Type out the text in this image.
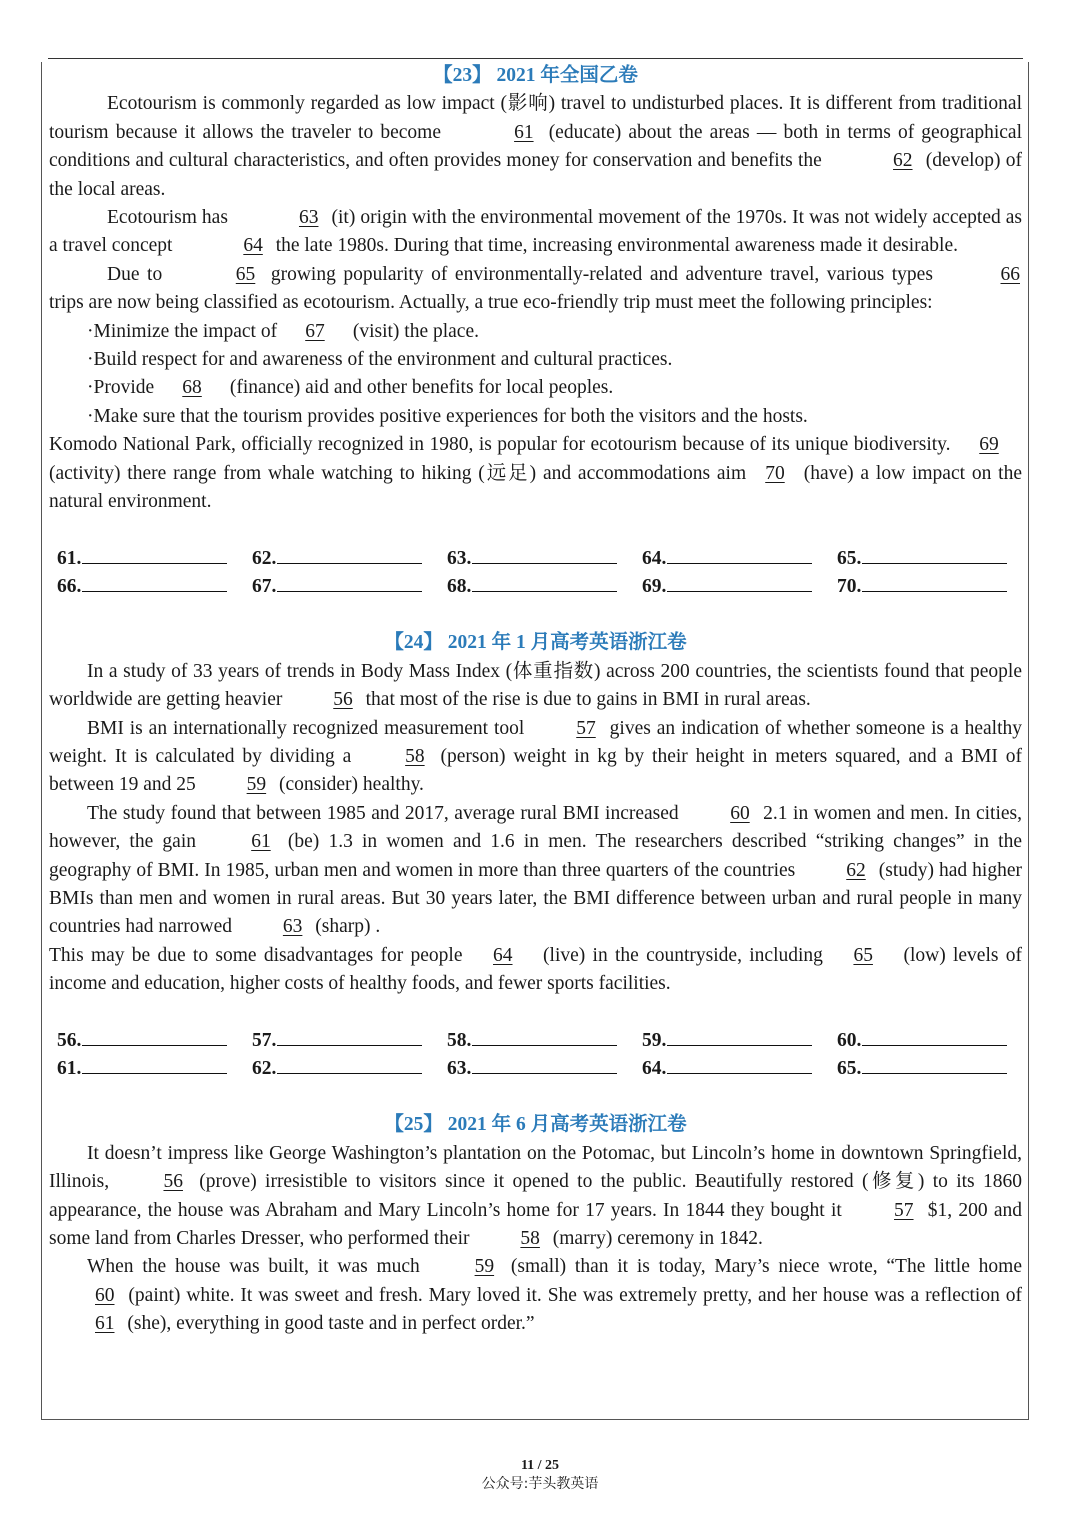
【23】 2021 年全国乙卷

Ecotourism is commonly regarded as low impact (影响) travel to undisturbed places. It is different from traditional tourism because it allows the traveler to become	61 (educate) about the areas — both in terms of geographical conditions and cultural characteristics, and often provides money for conservation and benefits the	62 (develop) of the local areas.

Ecotourism has	63 (it) origin with the environmental movement of the 1970s. It was not widely accepted as a travel concept	64 the late 1980s. During that time, increasing environmental awareness made it desirable.

Due to	65 growing popularity of environmentally-related and adventure travel, various types	66 trips are now being classified as ecotourism. Actually, a true eco-friendly trip must meet the following principles:

·Minimize the impact of 67 (visit) the place.

·Build respect for and awareness of the environment and cultural practices.

·Provide 68 (finance) aid and other benefits for local peoples.

·Make sure that the tourism provides positive experiences for both the visitors and the hosts.

Komodo National Park, officially recognized in 1980, is popular for ecotourism because of its unique biodiversity. 69 (activity) there range from whale watching to hiking (远足) and accommodations aim 70 (have) a low impact on the natural environment.

61.	62.	63.	64.	65.
66.	67.	68.	69.	70.
【24】 2021 年 1 月高考英语浙江卷

In a study of 33 years of trends in Body Mass Index (体重指数) across 200 countries, the scientists found that people worldwide are getting heavier 56 that most of the rise is due to gains in BMI in rural areas.

BMI is an internationally recognized measurement tool 57 gives an indication of whether someone is a healthy weight. It is calculated by dividing a 58 (person) weight in kg by their height in meters squared, and a BMI of between 19 and 25 59 (consider) healthy.

The study found that between 1985 and 2017, average rural BMI increased 60 2.1 in women and men. In cities, however, the gain 61 (be) 1.3 in women and 1.6 in men. The researchers described “striking changes” in the geography of BMI. In 1985, urban men and women in more than three quarters of the countries 62 (study) had higher BMIs than men and women in rural areas. But 30 years later, the BMI difference between urban and rural people in many countries had narrowed 63 (sharp) .

This may be due to some disadvantages for people 64 (live) in the countryside, including 65 (low) levels of income and education, higher costs of healthy foods, and fewer sports facilities.

56.	57.	58.	59.	60.
61.	62.	63.	64.	65.
【25】 2021 年 6 月高考英语浙江卷

It doesn’t impress like George Washington’s plantation on the Potomac, but Lincoln’s home in downtown Springfield, Illinois, 56 (prove) irresistible to visitors since it opened to the public. Beautifully restored (修复) to its 1860 appearance, the house was Abraham and Mary Lincoln’s home for 17 years. In 1844 they bought it 57 $1, 200 and some land from Charles Dresser, who performed their 58 (marry) ceremony in 1842.

When the house was built, it was much 59 (small) than it is today, Mary’s niece wrote, “The little home 60 (paint) white. It was sweet and fresh. Mary loved it. She was extremely pretty, and her house was a reflection of 61 (she), everything in good taste and in perfect order.”

11 / 25
公众号:芋头教英语
